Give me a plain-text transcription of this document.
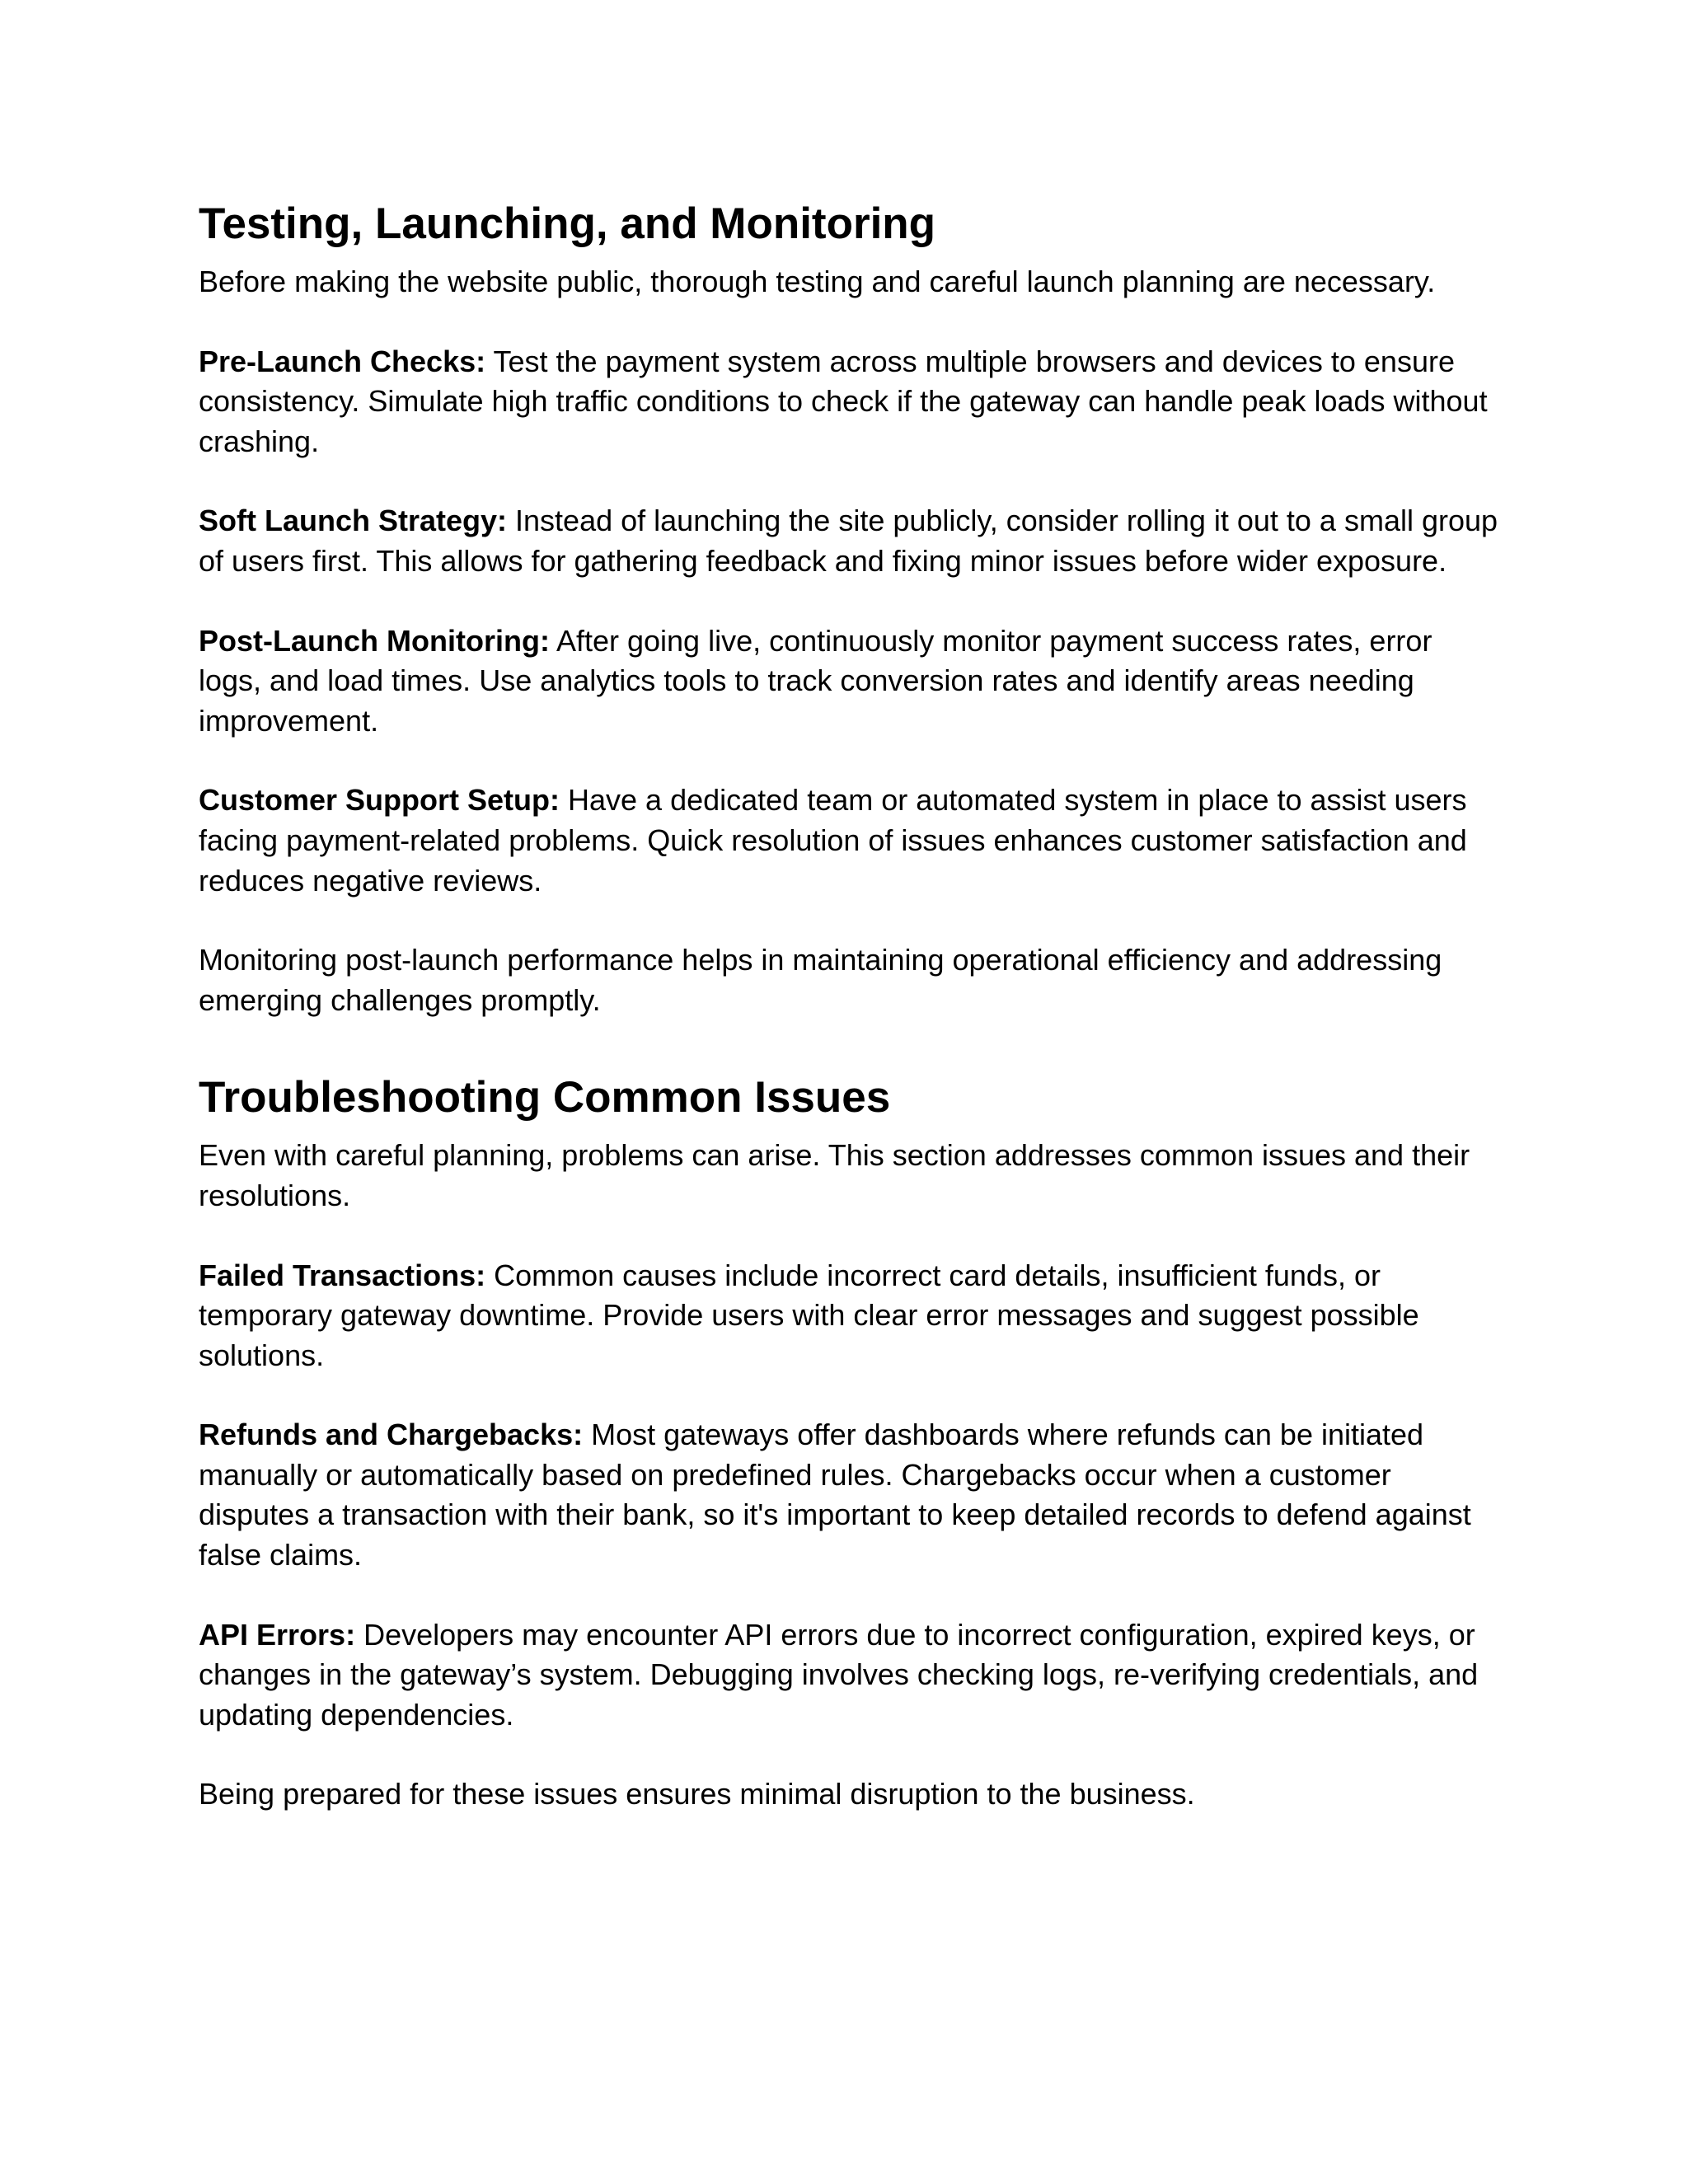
Testing, Launching, and Monitoring

Before making the website public, thorough testing and careful launch planning are necessary.

Pre-Launch Checks: Test the payment system across multiple browsers and devices to ensure consistency. Simulate high traffic conditions to check if the gateway can handle peak loads without crashing.

Soft Launch Strategy: Instead of launching the site publicly, consider rolling it out to a small group of users first. This allows for gathering feedback and fixing minor issues before wider exposure.

Post-Launch Monitoring: After going live, continuously monitor payment success rates, error logs, and load times. Use analytics tools to track conversion rates and identify areas needing improvement.

Customer Support Setup: Have a dedicated team or automated system in place to assist users facing payment-related problems. Quick resolution of issues enhances customer satisfaction and reduces negative reviews.

Monitoring post-launch performance helps in maintaining operational efficiency and addressing emerging challenges promptly.

Troubleshooting Common Issues

Even with careful planning, problems can arise. This section addresses common issues and their resolutions.

Failed Transactions: Common causes include incorrect card details, insufficient funds, or temporary gateway downtime. Provide users with clear error messages and suggest possible solutions.

Refunds and Chargebacks: Most gateways offer dashboards where refunds can be initiated manually or automatically based on predefined rules. Chargebacks occur when a customer disputes a transaction with their bank, so it's important to keep detailed records to defend against false claims.

API Errors: Developers may encounter API errors due to incorrect configuration, expired keys, or changes in the gateway’s system. Debugging involves checking logs, re-verifying credentials, and updating dependencies.

Being prepared for these issues ensures minimal disruption to the business.
